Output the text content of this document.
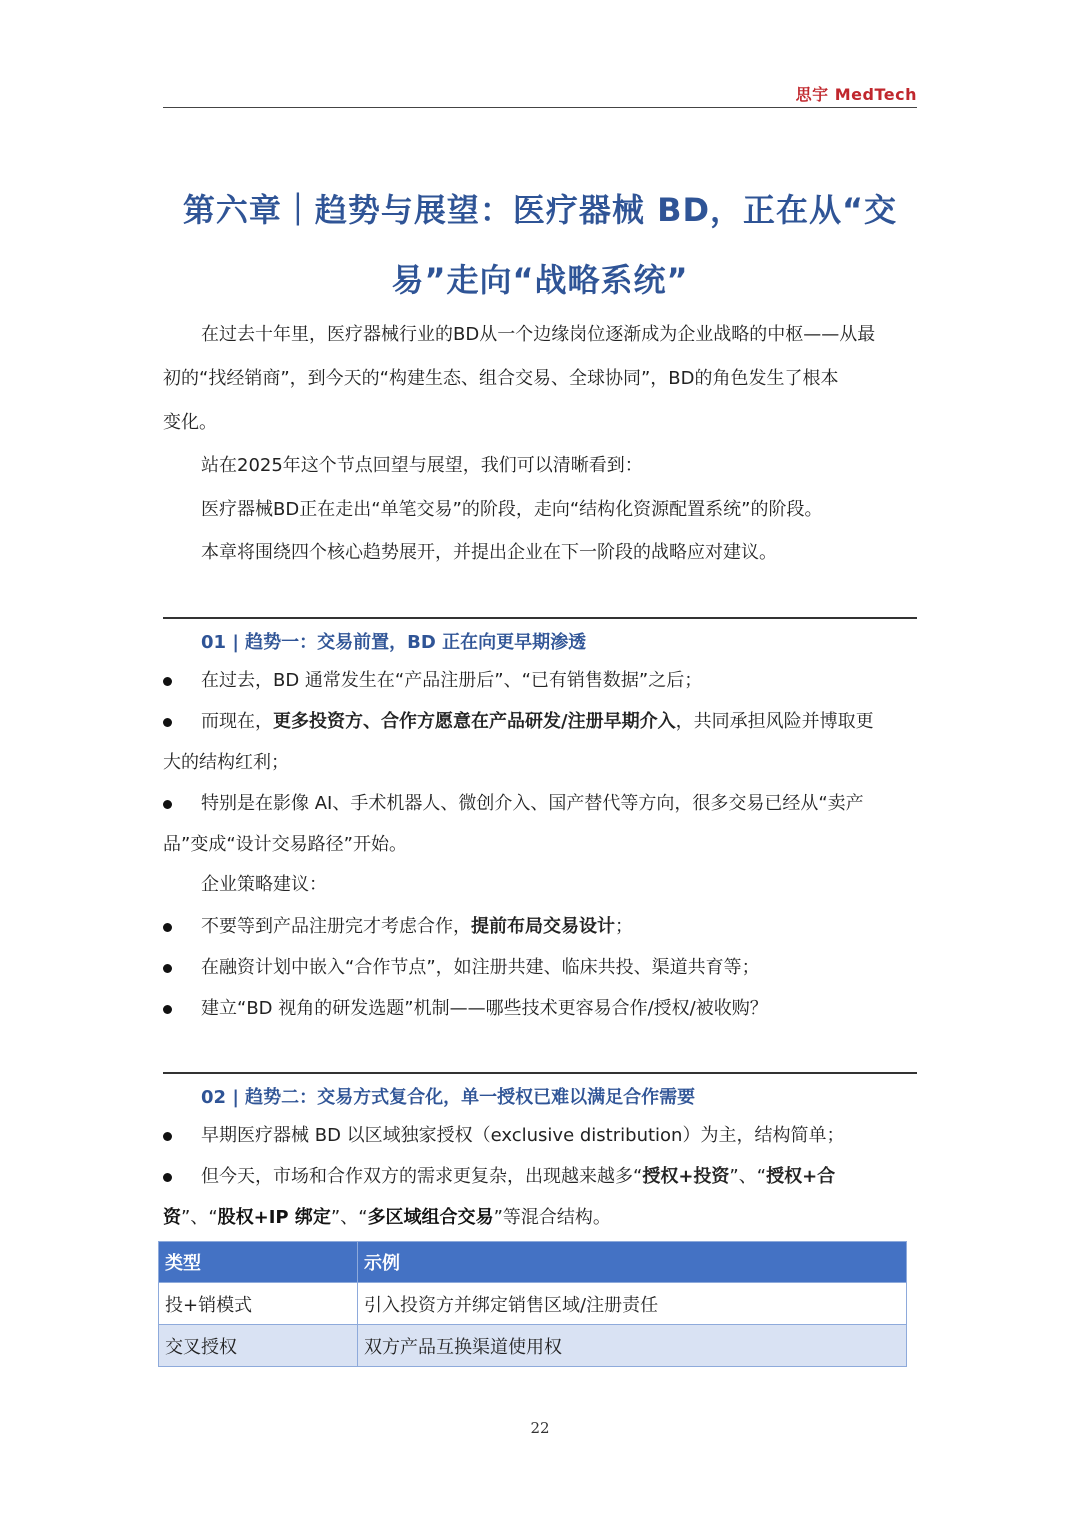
思宇 MedTech
第六章｜趋势与展望：医疗器械 BD，正在从“交
易”走向“战略系统”
在过去十年里，医疗器械行业的BD从一个边缘岗位逐渐成为企业战略的中枢——从最
初的“找经销商”，到今天的“构建生态、组合交易、全球协同”，BD的角色发生了根本
变化。
站在2025年这个节点回望与展望，我们可以清晰看到：
医疗器械BD正在走出“单笔交易”的阶段，走向“结构化资源配置系统”的阶段。
本章将围绕四个核心趋势展开，并提出企业在下一阶段的战略应对建议。
01 | 趋势一：交易前置，BD 正在向更早期渗透
在过去，BD 通常发生在“产品注册后”、“已有销售数据”之后；
而现在，更多投资方、合作方愿意在产品研发/注册早期介入，共同承担风险并博取更
大的结构红利；
特别是在影像 AI、手术机器人、微创介入、国产替代等方向，很多交易已经从“卖产
品”变成“设计交易路径”开始。
企业策略建议：
不要等到产品注册完才考虑合作，提前布局交易设计；
在融资计划中嵌入“合作节点”，如注册共建、临床共投、渠道共育等；
建立“BD 视角的研发选题”机制——哪些技术更容易合作/授权/被收购？
02 | 趋势二：交易方式复合化，单一授权已难以满足合作需要
早期医疗器械 BD 以区域独家授权（exclusive distribution）为主，结构简单；
但今天，市场和合作双方的需求更复杂，出现越来越多“授权+投资”、“授权+合
资”、“股权+IP 绑定”、“多区域组合交易”等混合结构。
类型	示例
投+销模式	引入投资方并绑定销售区域/注册责任
交叉授权	双方产品互换渠道使用权
22
